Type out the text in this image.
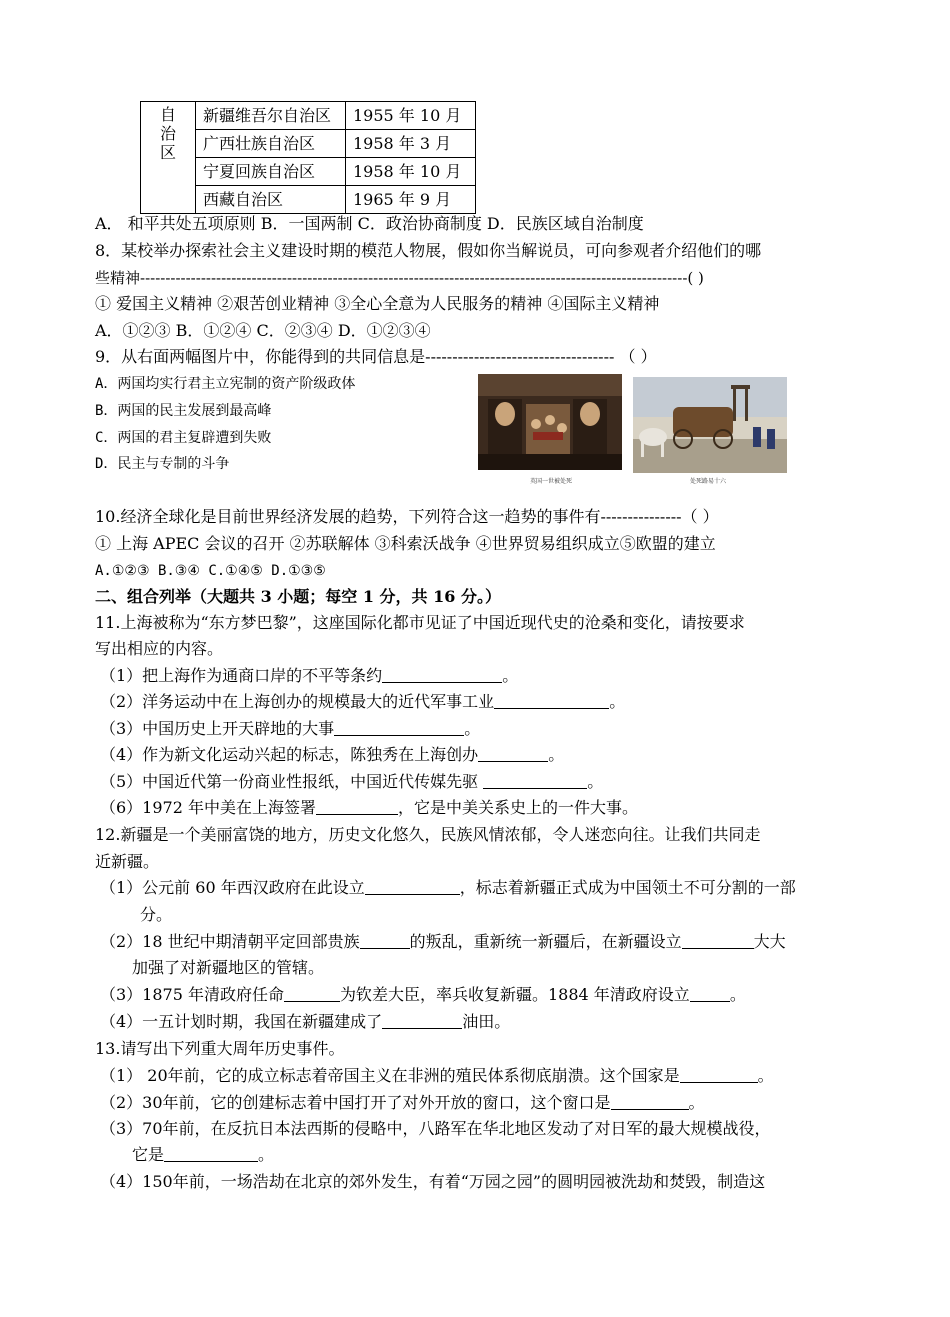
自
治
区	新疆维吾尔自治区	1955 年 10 月
	广西壮族自治区	1958 年 3 月
	宁夏回族自治区	1958 年 10 月
	西藏自治区	1965 年 9 月
A． 和平共处五项原则 B．一国两制 C．政治协商制度 D．民族区域自治制度
8．某校举办探索社会主义建设时期的模范人物展，假如你当解说员，可向参观者介绍他们的哪
些精神------------------------------------------------------------------------------------------------------------( )
① 爱国主义精神 ②艰苦创业精神 ③全心全意为人民服务的精神 ④国际主义精神
A．①②③ B．①②④ C．②③④ D．①②③④
9．从右面两幅图片中，你能得到的共同信息是----------------------------------- （ ）
A．两国均实行君主立宪制的资产阶级政体
B．两国的民主发展到最高峰
C．两国的君主复辟遭到失败
D．民主与专制的斗争
英国一世被处死	处死路易十六
10.经济全球化是目前世界经济发展的趋势，下列符合这一趋势的事件有---------------（ ）
① 上海 APEC 会议的召开 ②苏联解体 ③科索沃战争 ④世界贸易组织成立⑤欧盟的建立
A.①②③ B.③④ C.①④⑤ D.①③⑤
二、组合列举（大题共 3 小题；每空 1 分，共 16 分。）
11.上海被称为“东方梦巴黎”，这座国际化都市见证了中国近现代史的沧桑和变化，请按要求
写出相应的内容。
（1）把上海作为通商口岸的不平等条约	。
（2）洋务运动中在上海创办的规模最大的近代军事工业	。
（3）中国历史上开天辟地的大事	。
（4）作为新文化运动兴起的标志，陈独秀在上海创办	。
（5）中国近代第一份商业性报纸，中国近代传媒先驱	。
（6）1972 年中美在上海签署	，它是中美关系史上的一件大事。
12.新疆是一个美丽富饶的地方，历史文化悠久，民族风情浓郁，令人迷恋向往。让我们共同走
近新疆。
（1）公元前 60 年西汉政府在此设立	，标志着新疆正式成为中国领土不可分割的一部
分。
（2）18 世纪中期清朝平定回部贵族	的叛乱，重新统一新疆后，在新疆设立	大大
加强了对新疆地区的管辖。
（3）1875 年清政府任命	为钦差大臣，率兵收复新疆。1884 年清政府设立	。
（4）一五计划时期，我国在新疆建成了	油田。
13.请写出下列重大周年历史事件。
（1） 20年前，它的成立标志着帝国主义在非洲的殖民体系彻底崩溃。这个国家是	。
（2）30年前，它的创建标志着中国打开了对外开放的窗口，这个窗口是	。
（3）70年前，在反抗日本法西斯的侵略中，八路军在华北地区发动了对日军的最大规模战役，
它是	。
（4）150年前，一场浩劫在北京的郊外发生，有着“万园之园”的圆明园被洗劫和焚毁，制造这
